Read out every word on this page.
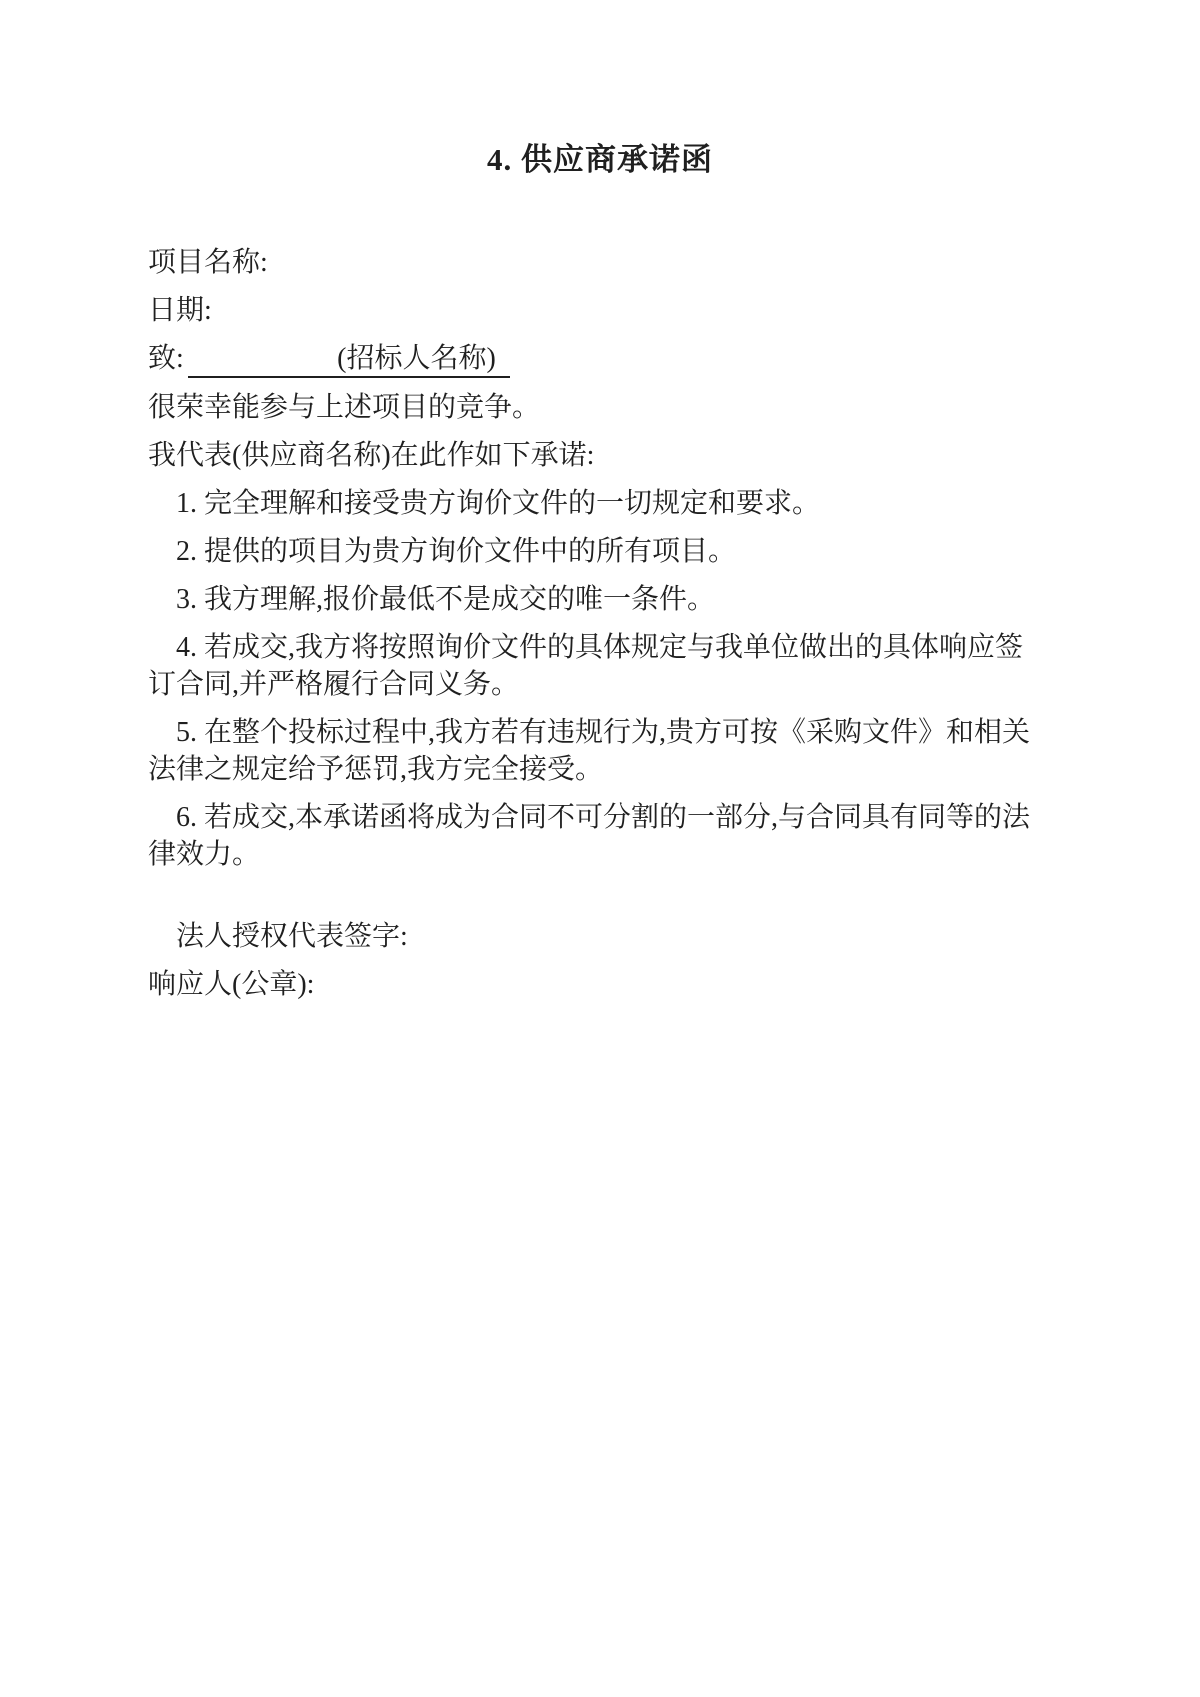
4. 供应商承诺函

项目名称:

日期:

致:	(招标人名称)

很荣幸能参与上述项目的竞争。

我代表(供应商名称)在此作如下承诺:

1. 完全理解和接受贵方询价文件的一切规定和要求。

2. 提供的项目为贵方询价文件中的所有项目。

3. 我方理解,报价最低不是成交的唯一条件。

4. 若成交,我方将按照询价文件的具体规定与我单位做出的具体响应签订合同,并严格履行合同义务。

5. 在整个投标过程中,我方若有违规行为,贵方可按《采购文件》和相关法律之规定给予惩罚,我方完全接受。

6. 若成交,本承诺函将成为合同不可分割的一部分,与合同具有同等的法律效力。

法人授权代表签字:

响应人(公章):
